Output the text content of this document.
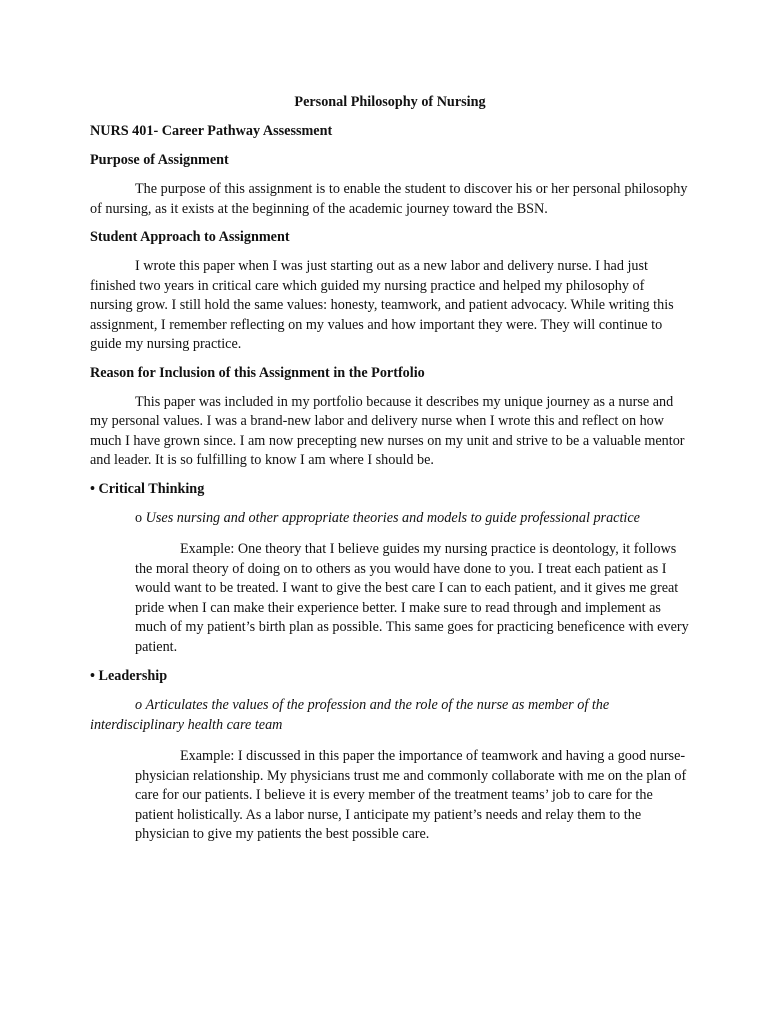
Personal Philosophy of Nursing
NURS 401- Career Pathway Assessment
Purpose of Assignment
The purpose of this assignment is to enable the student to discover his or her personal philosophy of nursing, as it exists at the beginning of the academic journey toward the BSN.
Student Approach to Assignment
I wrote this paper when I was just starting out as a new labor and delivery nurse. I had just finished two years in critical care which guided my nursing practice and helped my philosophy of nursing grow. I still hold the same values: honesty, teamwork, and patient advocacy. While writing this assignment, I remember reflecting on my values and how important they were. They will continue to guide my nursing practice.
Reason for Inclusion of this Assignment in the Portfolio
This paper was included in my portfolio because it describes my unique journey as a nurse and my personal values. I was a brand-new labor and delivery nurse when I wrote this and reflect on how much I have grown since. I am now precepting new nurses on my unit and strive to be a valuable mentor and leader. It is so fulfilling to know I am where I should be.
• Critical Thinking
o Uses nursing and other appropriate theories and models to guide professional practice
Example: One theory that I believe guides my nursing practice is deontology, it follows the moral theory of doing on to others as you would have done to you. I treat each patient as I would want to be treated. I want to give the best care I can to each patient, and it gives me great pride when I can make their experience better. I make sure to read through and implement as much of my patient’s birth plan as possible. This same goes for practicing beneficence with every patient.
• Leadership
o Articulates the values of the profession and the role of the nurse as member of the interdisciplinary health care team
Example: I discussed in this paper the importance of teamwork and having a good nurse-physician relationship. My physicians trust me and commonly collaborate with me on the plan of care for our patients. I believe it is every member of the treatment teams’ job to care for the patient holistically. As a labor nurse, I anticipate my patient’s needs and relay them to the physician to give my patients the best possible care.
